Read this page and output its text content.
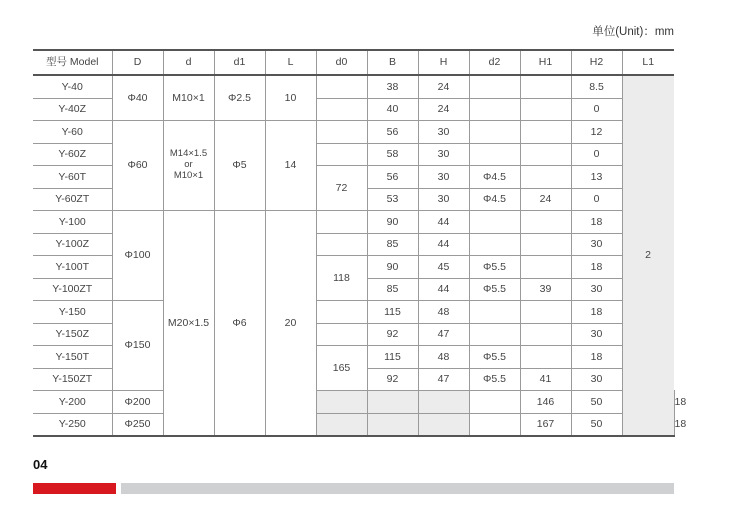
单位(Unit)：mm
型号 Model	D	d	d1	L	d0	B	H	d2	H1	H2	L1	
Y-40	Φ40	M10×1	Φ2.5	10		38	24			8.5	2	
Y-40Z						40	24			0		
Y-60	Φ60	M14×1.5
or
M10×1	Φ5	14		56	30			12		
Y-60Z						58	30			0		
Y-60T					72	56	30	Φ4.5		13		
Y-60ZT						53	30	Φ4.5	24	0		
Y-100	Φ100	M20×1.5	Φ6	20		90	44			18		
Y-100Z						85	44			30		
Y-100T					118	90	45	Φ5.5		18		
Y-100ZT						85	44	Φ5.5	39	30		
Y-150	Φ150					115	48			18		
Y-150Z						92	47			30		
Y-150T					165	115	48	Φ5.5		18		
Y-150ZT						92	47	Φ5.5	41	30		
Y-200	Φ200								146	50			18
Y-250	Φ250								167	50			18
04
